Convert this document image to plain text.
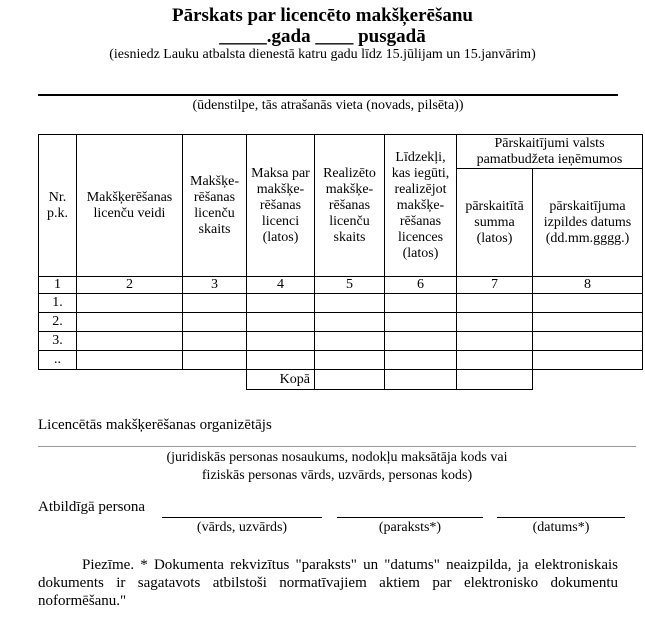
Pārskats par licencēto makšķerēšanu
_____.gada ____ pusgadā
(iesniedz Lauku atbalsta dienestā katru gadu līdz 15.jūlijam un 15.janvārim)
(ūdenstilpe, tās atrašanās vieta (novads, pilsēta))
Nr. p.k.	Makšķerēšanas licenču veidi	Makšķe-rēšanas licenču skaits	Maksa par makšķe-rēšanas licenci (latos)	Realizēto makšķe-rēšanas licenču skaits	Līdzekļi, kas iegūti, realizējot makšķe-rēšanas licences (latos)	Pārskaitījumi valsts pamatbudžeta ieņēmumos	
						pārskaitītā summa (latos)	pārskaitījuma izpildes datums (dd.mm.gggg.)
1	2	3	4	5	6	7	8
1.							
2.							
3.							
..							
			Kopā				
Licencētās makšķerēšanas organizētājs
(juridiskās personas nosaukums, nodokļu maksātāja kods vai
fiziskās personas vārds, uzvārds, personas kods)
Atbildīgā persona
(vārds, uzvārds)	(paraksts*)	(datums*)
Piezīme. * Dokumenta rekvizītus "paraksts" un "datums" neaizpilda, ja elektroniskais dokuments ir sagatavots atbilstoši normatīvajiem aktiem par elektronisko dokumentu noformēšanu."
